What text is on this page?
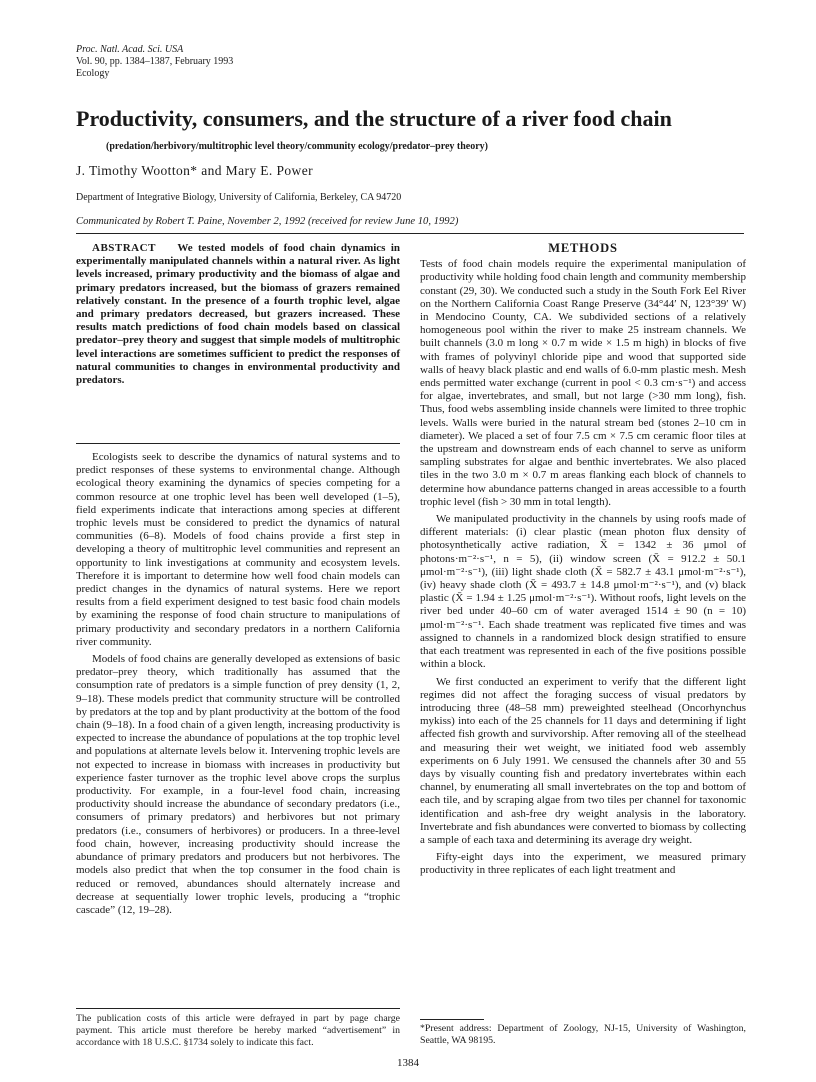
Proc. Natl. Acad. Sci. USA
Vol. 90, pp. 1384–1387, February 1993
Ecology
Productivity, consumers, and the structure of a river food chain
(predation/herbivory/multitrophic level theory/community ecology/predator–prey theory)
J. Timothy Wootton* and Mary E. Power
Department of Integrative Biology, University of California, Berkeley, CA 94720
Communicated by Robert T. Paine, November 2, 1992 (received for review June 10, 1992)

ABSTRACT We tested models of food chain dynamics in experimentally manipulated channels within a natural river. As light levels increased, primary productivity and the biomass of algae and primary predators increased, but the biomass of grazers remained relatively constant. In the presence of a fourth trophic level, algae and primary predators decreased, but grazers increased. These results match predictions of food chain models based on classical predator–prey theory and suggest that simple models of multitrophic level interactions are sometimes sufficient to predict the responses of natural communities to changes in environmental productivity and predators.

Ecologists seek to describe the dynamics of natural systems and to predict responses of these systems to environmental change. Although ecological theory examining the dynamics of species competing for a common resource at one trophic level has been well developed (1–5), field experiments indicate that interactions among species at different trophic levels must be considered to predict the dynamics of natural communities (6–8). Models of food chains provide a first step in developing a theory of multitrophic level communities and represent an opportunity to link investigations at community and ecosystem levels. Therefore it is important to determine how well food chain models can predict changes in the dynamics of natural systems. Here we report results from a field experiment designed to test basic food chain models by examining the response of food chain structure to manipulations of primary productivity and secondary predators in a northern California river community.

Models of food chains are generally developed as extensions of basic predator–prey theory, which traditionally has assumed that the consumption rate of predators is a simple function of prey density (1, 2, 9–18). These models predict that community structure will be controlled by predators at the top and by plant productivity at the bottom of the food chain (9–18). In a food chain of a given length, increasing productivity is expected to increase the abundance of populations at the top trophic level and populations at alternate levels below it. Intervening trophic levels are not expected to increase in biomass with increases in productivity but experience faster turnover as the trophic level above crops the surplus productivity. For example, in a four-level food chain, increasing productivity should increase the abundance of secondary predators (i.e., consumers of primary predators) and herbivores but not primary predators (i.e., consumers of herbivores) or producers. In a three-level food chain, however, increasing productivity should increase the abundance of primary predators and producers but not herbivores. The models also predict that when the top consumer in the food chain is reduced or removed, abundances should alternately increase and decrease at sequentially lower trophic levels, producing a “trophic cascade” (12, 19–28).

METHODS

Tests of food chain models require the experimental manipulation of productivity while holding food chain length and community membership constant (29, 30). We conducted such a study in the South Fork Eel River on the Northern California Coast Range Preserve (34°44′ N, 123°39′ W) in Mendocino County, CA. We subdivided sections of a relatively homogeneous pool within the river to make 25 instream channels. We built channels (3.0 m long × 0.7 m wide × 1.5 m high) in blocks of five with frames of polyvinyl chloride pipe and wood that supported side walls of heavy black plastic and end walls of 6.0-mm plastic mesh. Mesh ends permitted water exchange (current in pool < 0.3 cm·s⁻¹) and access for algae, invertebrates, and small, but not large (>30 mm long), fish. Thus, food webs assembling inside channels were limited to three trophic levels. Walls were buried in the natural stream bed (stones 2–10 cm in diameter). We placed a set of four 7.5 cm × 7.5 cm ceramic floor tiles at the upstream and downstream ends of each channel to serve as uniform sampling substrates for algae and benthic invertebrates. We also placed tiles in the two 3.0 m × 0.7 m areas flanking each block of channels to determine how abundance patterns changed in areas accessible to a fourth trophic level (fish > 30 mm in total length).

We manipulated productivity in the channels by using roofs made of different materials: (i) clear plastic (mean photon flux density of photosynthetically active radiation, X̄ = 1342 ± 36 μmol of photons·m⁻²·s⁻¹, n = 5), (ii) window screen (X̄ = 912.2 ± 50.1 μmol·m⁻²·s⁻¹), (iii) light shade cloth (X̄ = 582.7 ± 43.1 μmol·m⁻²·s⁻¹), (iv) heavy shade cloth (X̄ = 493.7 ± 14.8 μmol·m⁻²·s⁻¹), and (v) black plastic (X̄ = 1.94 ± 1.25 μmol·m⁻²·s⁻¹). Without roofs, light levels on the river bed under 40–60 cm of water averaged 1514 ± 90 (n = 10) μmol·m⁻²·s⁻¹. Each shade treatment was replicated five times and was assigned to channels in a randomized block design stratified to ensure that each treatment was represented in each of the five positions possible within a block.

We first conducted an experiment to verify that the different light regimes did not affect the foraging success of visual predators by introducing three (48–58 mm) preweighted steelhead (Oncorhynchus mykiss) into each of the 25 channels for 11 days and determining if light affected fish growth and survivorship. After removing all of the steelhead and measuring their wet weight, we initiated food web assembly experiments on 6 July 1991. We censused the channels after 30 and 55 days by visually counting fish and predatory invertebrates within each channel, by enumerating all small invertebrates on the top and bottom of each tile, and by scraping algae from two tiles per channel for taxonomic identification and ash-free dry weight analysis in the laboratory. Invertebrate and fish abundances were converted to biomass by collecting a sample of each taxa and determining its average dry weight.

Fifty-eight days into the experiment, we measured primary productivity in three replicates of each light treatment and

The publication costs of this article were defrayed in part by page charge payment. This article must therefore be hereby marked “advertisement” in accordance with 18 U.S.C. §1734 solely to indicate this fact.
*Present address: Department of Zoology, NJ-15, University of Washington, Seattle, WA 98195.
1384
